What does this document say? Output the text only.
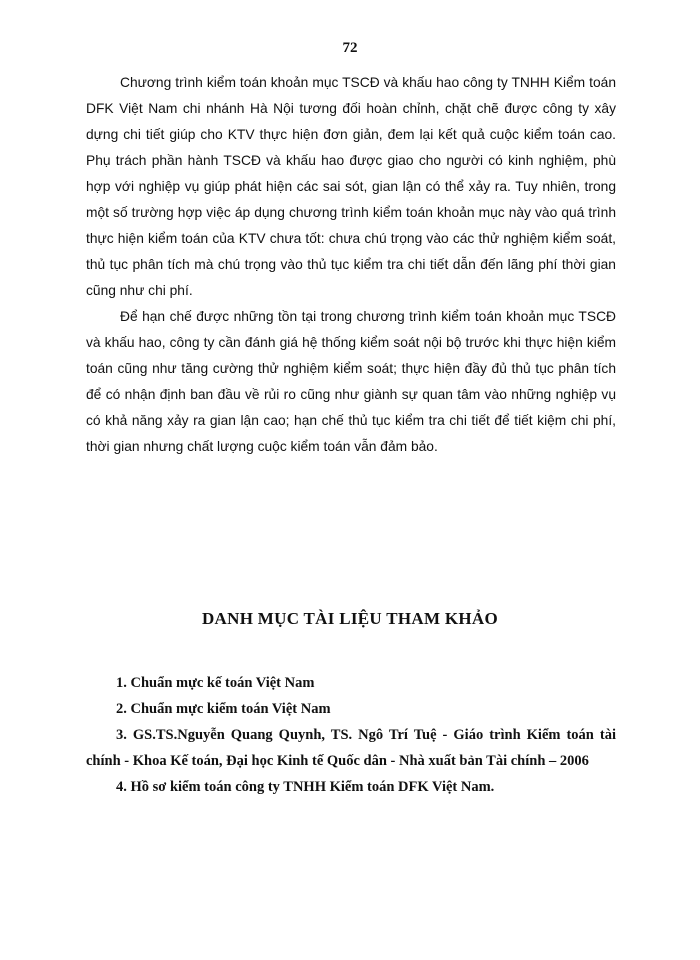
72

Chương trình kiểm toán khoản mục TSCĐ và khấu hao công ty TNHH Kiểm toán DFK Việt Nam chi nhánh Hà Nội tương đối hoàn chỉnh, chặt chẽ được công ty xây dựng chi tiết giúp cho KTV thực hiện đơn giản, đem lại kết quả cuộc kiểm toán cao. Phụ trách phần hành TSCĐ và khấu hao được giao cho người có kinh nghiệm, phù hợp với nghiệp vụ giúp phát hiện các sai sót, gian lận có thể xảy ra. Tuy nhiên, trong một số trường hợp việc áp dụng chương trình kiểm toán khoản mục này vào quá trình thực hiện kiểm toán của KTV chưa tốt: chưa chú trọng vào các thử nghiệm kiểm soát, thủ tục phân tích mà chú trọng vào thủ tục kiểm tra chi tiết dẫn đến lãng phí thời gian cũng như chi phí.

Để hạn chế được những tồn tại trong chương trình kiểm toán khoản mục TSCĐ và khấu hao, công ty cần đánh giá hệ thống kiểm soát nội bộ trước khi thực hiện kiểm toán cũng như tăng cường thử nghiệm kiểm soát; thực hiện đầy đủ thủ tục phân tích để có nhận định ban đầu về rủi ro cũng như giành sự quan tâm vào những nghiệp vụ có khả năng xảy ra gian lận cao; hạn chế thủ tục kiểm tra chi tiết để tiết kiệm chi phí, thời gian nhưng chất lượng cuộc kiểm toán vẫn đảm bảo.

DANH MỤC TÀI LIỆU THAM KHẢO

1. Chuẩn mực kế toán Việt Nam

2. Chuẩn mực kiểm toán Việt Nam

3. GS.TS.Nguyễn Quang Quynh, TS. Ngô Trí Tuệ - Giáo trình Kiểm toán tài chính - Khoa Kế toán, Đại học Kinh tế Quốc dân - Nhà xuất bản Tài chính – 2006

4. Hồ sơ kiểm toán công ty TNHH Kiểm toán DFK Việt Nam.
